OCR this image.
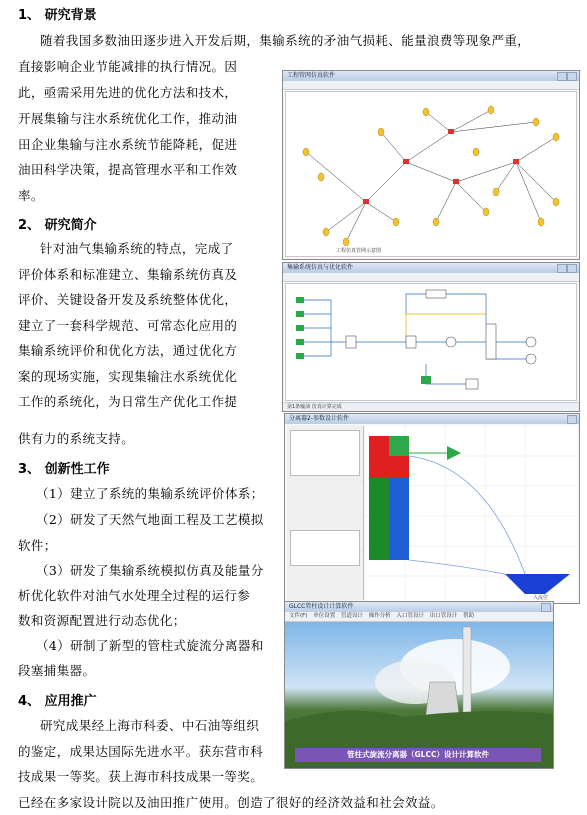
1、 研究背景
随着我国多数油田逐步进入开发后期，集输系统的矛油气损耗、能量浪费等现象严重，
直接影响企业节能减排的执行情况。因
此，亟需采用先进的优化方法和技术，
开展集输与注水系统优化工作，推动油
田企业集输与注水系统节能降耗，促进
油田科学决策，提高管理水平和工作效
率。
2、 研究简介
针对油气集输系统的特点，完成了
评价体系和标准建立、集输系统仿真及
评价、关键设备开发及系统整体优化，
建立了一套科学规范、可常态化应用的
集输系统评价和优化方法，通过优化方
案的现场实施，实现集输注水系统优化
工作的系统化，为日常生产优化工作提
供有力的系统支持。
3、 创新性工作
（1）建立了系统的集输系统评价体系；
（2）研发了天然气地面工程及工艺模拟
软件；
（3）研发了集输系统模拟仿真及能量分
析优化软件对油气水处理全过程的运行参
数和资源配置进行动态优化；
（4）研制了新型的管柱式旋流分离器和
段塞捕集器。
4、 应用推广
研究成果经上海市科委、中石油等组织
的鉴定，成果达国际先进水平。获东营市科
技成果一等奖。获上海市科技成果一等奖。
已经在多家设计院以及油田推广使用。创造了很好的经济效益和社会效益。
工程管网仿真软件
工程仿真管网示意图
集输系统仿真与优化软件
第1条输油 仿真计算完成
分离器2-参数设计软件
入流位
GLCC管柱设计计算软件
文件(F) 单位设置 管道设计 操作分析 入口管设计 出口管设计 帮助
管柱式旋流分离器（GLCC）设计计算软件
